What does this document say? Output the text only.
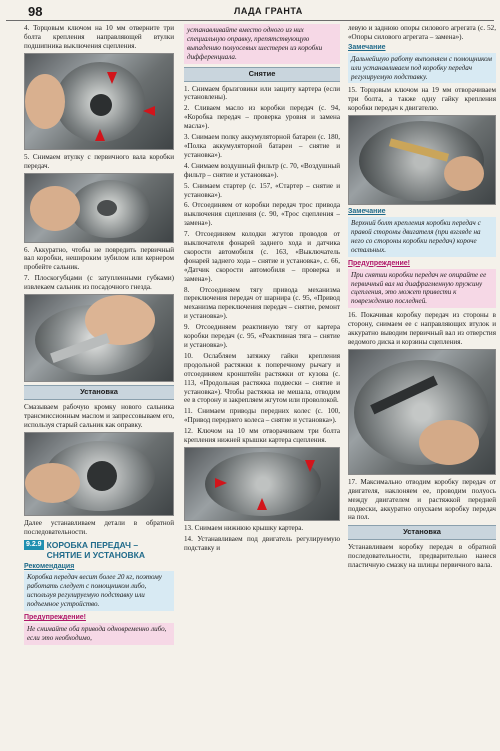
98	ЛАДА ГРАНТА

4. Торцовым ключом на 10 мм отверните три болта крепления направляющей втулки подшипника выключения сцепления.

5. Снимаем втулку с первичного вала коробки передач.

6. Аккуратно, чтобы не повредить первичный вал коробки, нешироким зубилом или кернером пробейте сальник.

7. Плоскогубцами (с затупленными губками) извлекаем сальник из посадочного гнезда.

Установка

Смазываем рабочую кромку нового сальника трансмиссионным маслом и запрессовываем его, используя старый сальник как оправку.

Далее устанавливаем детали в обратной последовательности.

9.2.9 КОРОБКА ПЕРЕДАЧ – СНЯТИЕ И УСТАНОВКА
Рекомендация
Коробка передач весит более 20 кг, поэтому работать следует с помощником либо, используя регулируемую подставку или подъемное устройство.
Предупреждение!
Не снимайте оба привода одновременно либо, если это необходимо,
устанавливайте вместо одного из них специальную оправку, препятствующую выпадению полуосевых шестерен из коробки дифференциала.
Снятие

1. Снимаем брызговики или защиту картера (если установлены).

2. Сливаем масло из коробки передач (с. 94, «Коробка передач – проверка уровня и замена масла»).

3. Снимаем полку аккумуляторной батареи (с. 180, «Полка аккумуляторной батареи – снятие и установка»).

4. Снимаем воздушный фильтр (с. 70, «Воздушный фильтр – снятие и установка»).

5. Снимаем стартер (с. 157, «Стартер – снятие и установка»).

6. Отсоединяем от коробки передач трос привода выключения сцепления (с. 90, «Трос сцепления – замена»).

7. Отсоединяем колодки жгутов проводов от выключателя фонарей заднего хода и датчика скорости автомобиля (с. 163, «Выключатель фонарей заднего хода – снятие и установка», с. 66, «Датчик скорости автомобиля – проверка и замена»).

8. Отсоединяем тягу привода механизма переключения передач от шарнира (с. 95, «Привод механизма переключения передач – снятие, ремонт и установка»).

9. Отсоединяем реактивную тягу от картера коробки передач (с. 95, «Реактивная тяга – снятие и установка»).

10. Ослабляем затяжку гайки крепления продольной растяжки к поперечному рычагу и отсоединяем кронштейн растяжки от кузова (с. 113, «Продольная растяжка подвески – снятие и установка»). Чтобы растяжка не мешала, отводим ее в сторону и закрепляем жгутом или проволокой.

11. Снимаем приводы передних колес (с. 100, «Привод переднего колеса – снятие и установка»).

12. Ключом на 10 мм отворачиваем три болта крепления нижней крышки картера сцепления.

13. Снимаем нижнюю крышку картера.

14. Устанавливаем под двигатель регулируемую подставку и

левую и заднюю опоры силового агрегата (с. 52, «Опоры силового агрегата – замена»).

Замечание
Дальнейшую работу выполняем с помощником или устанавливаем под коробку передач регулируемую подставку.

15. Торцовым ключом на 19 мм отворачиваем три болта, а также одну гайку крепления коробки передач к двигателю.

Замечание
Верхний болт крепления коробки передач с правой стороны двигателя (при взгляде на него со стороны коробки передач) короче остальных.
Предупреждение!
При снятии коробки передач не опирайте ее первичный вал на диафрагменную пружину сцепления, это может привести к повреждению последней.

16. Покачивая коробку передач из стороны в сторону, снимаем ее с направляющих втулок и аккуратно выводим первичный вал из отверстия ведомого диска и корзины сцепления.

17. Максимально отводим коробку передач от двигателя, наклоняем ее, проводим полуось между двигателем и растяжкой передней подвески, аккуратно опускаем коробку передач на пол.

Установка

Устанавливаем коробку передач в обратной последовательности, предварительно нанеся пластичную смазку на шлицы первичного вала.
